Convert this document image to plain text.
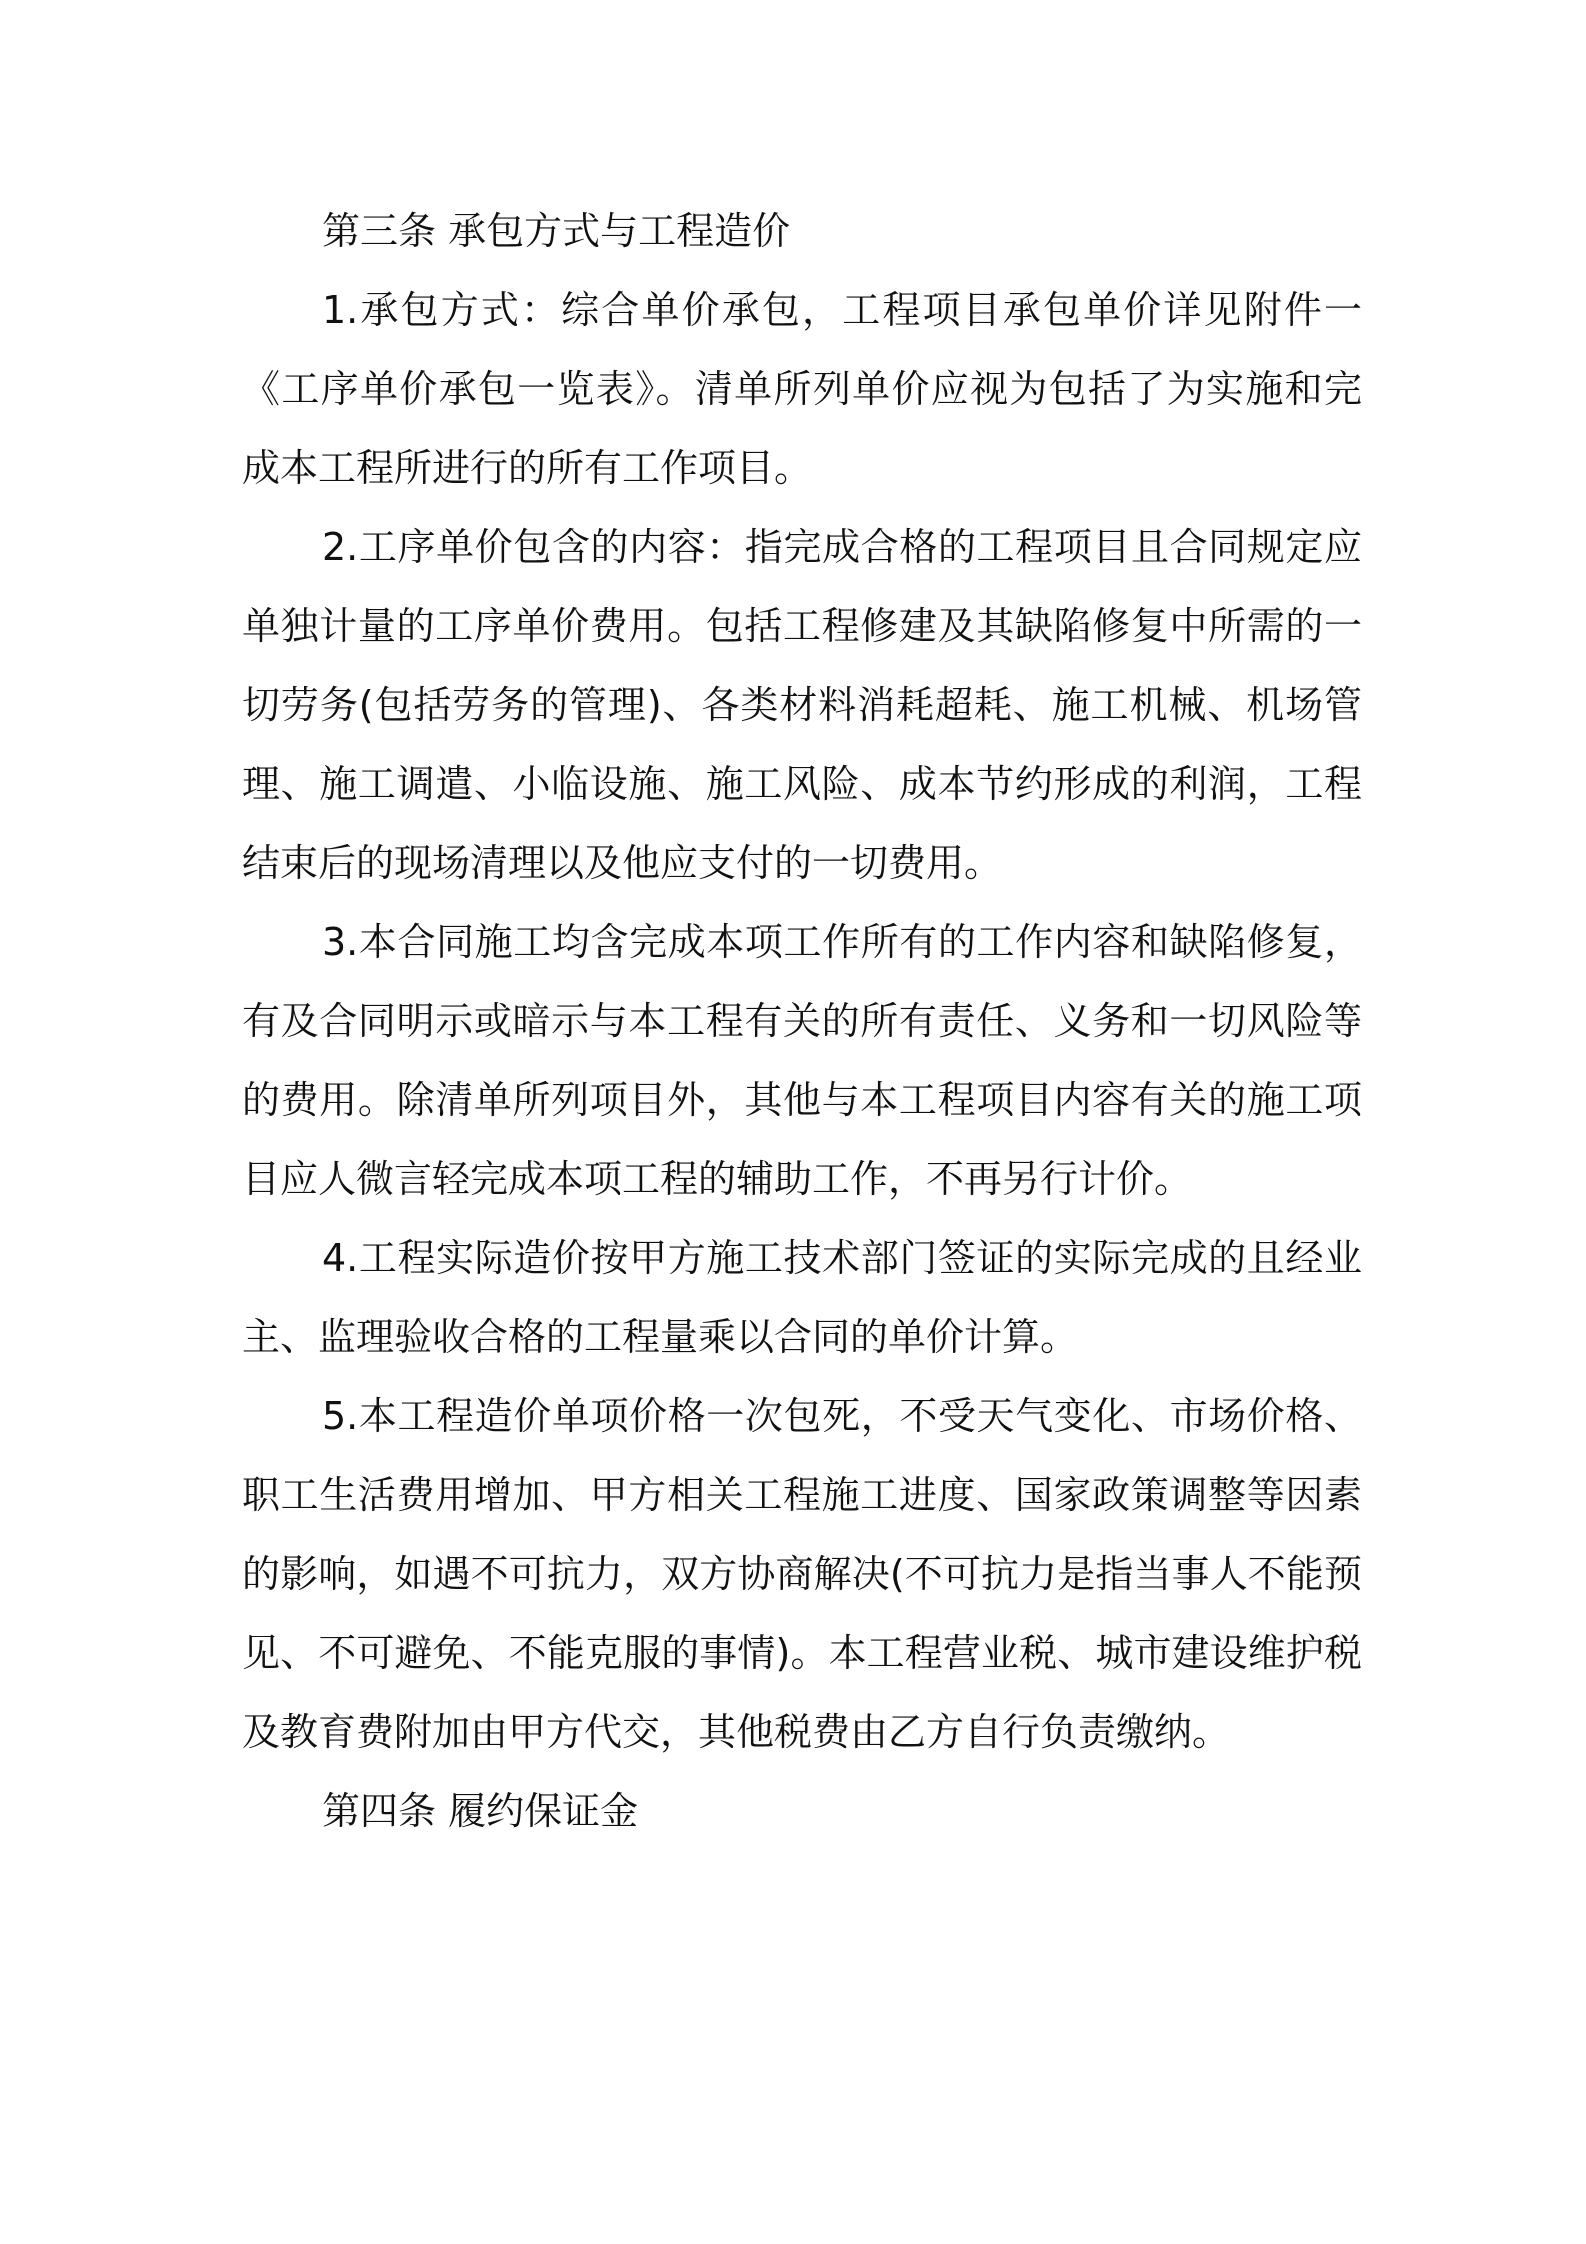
第三条 承包方式与工程造价

1.承包方式：综合单价承包，工程项目承包单价详见附件一《工序单价承包一览表》。清单所列单价应视为包括了为实施和完成本工程所进行的所有工作项目。

2.工序单价包含的内容：指完成合格的工程项目且合同规定应单独计量的工序单价费用。包括工程修建及其缺陷修复中所需的一切劳务(包括劳务的管理)、各类材料消耗超耗、施工机械、机场管理、施工调遣、小临设施、施工风险、成本节约形成的利润，工程结束后的现场清理以及他应支付的一切费用。

3.本合同施工均含完成本项工作所有的工作内容和缺陷修复，有及合同明示或暗示与本工程有关的所有责任、义务和一切风险等的费用。除清单所列项目外，其他与本工程项目内容有关的施工项目应人微言轻完成本项工程的辅助工作，不再另行计价。

4.工程实际造价按甲方施工技术部门签证的实际完成的且经业主、监理验收合格的工程量乘以合同的单价计算。

5.本工程造价单项价格一次包死，不受天气变化、市场价格、职工生活费用增加、甲方相关工程施工进度、国家政策调整等因素的影响，如遇不可抗力，双方协商解决(不可抗力是指当事人不能预见、不可避免、不能克服的事情)。本工程营业税、城市建设维护税及教育费附加由甲方代交，其他税费由乙方自行负责缴纳。

第四条 履约保证金
